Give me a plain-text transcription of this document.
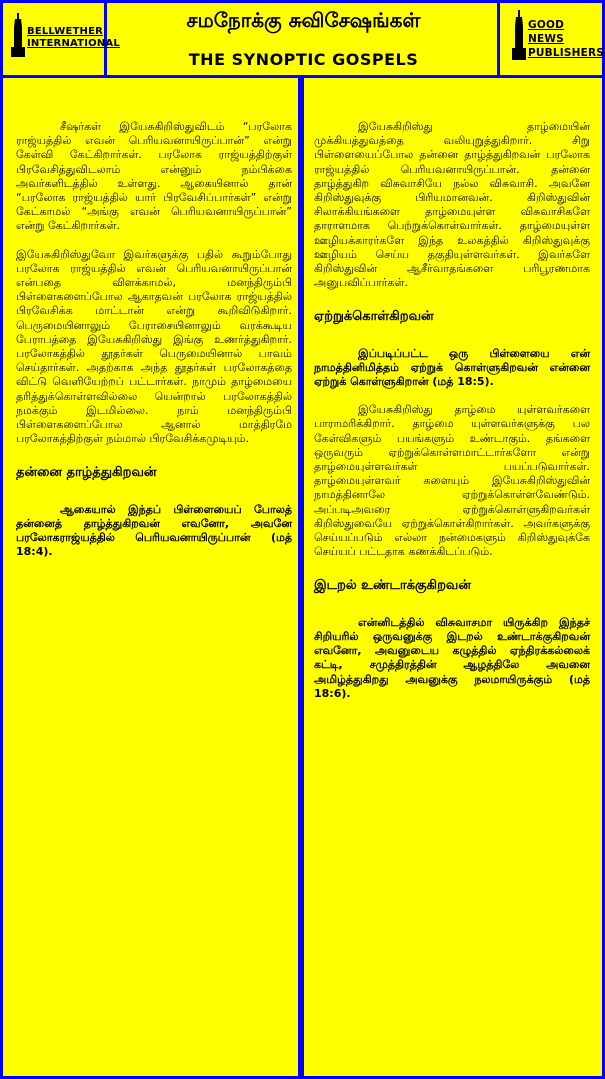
BELLWETHER
INTERNATIONAL
சமநோக்கு சுவிசேஷங்கள்
THE SYNOPTIC GOSPELS
GOOD NEWS
PUBLISHERS

சீஷர்கள் இயேசுகிறிஸ்துவிடம் “பரலோக ராஜ்யத்தில் எவன் பெரியவனாயிருப்பான்” என்று கேள்வி கேட்கிறார்கள். பரலோக ராஜ்யத்திற்குள் பிரவேசித்துவிடலாம் என்னும் நம்பிக்கை அவர்களிடத்தில் உள்ளது. ஆகையினால் தான் “பரலோக ராஜ்யத்தில் யார் பிரவேசிப்பார்கள்” என்று கேட்காமல் “அங்கு எவன் பெரியவனாயிருப்பான்” என்று கேட்கிறார்கள்.

இயேசுகிறிஸ்துவோ இவர்களுக்கு பதில் கூறும்போது பரலோக ராஜ்யத்தில் எவன் பெரியவனாயிருப்பான் என்பதை விளக்காமல், மனந்திரும்பி பிள்ளைகளைப்போல ஆகாதவன் பரலோக ராஜ்யத்தில் பிரவேசிக்க மாட்டான் என்று கூறிவிடுகிறார். பெருமையினாலும் பேராசையினாலும் வரக்கூடிய பேராபத்தை இயேசுகிறிஸ்து இங்கு உணர்த்துகிறார். பரலோகத்தில் தூதர்கள் பெருமையினால் பாவம் செய்தார்கள். அதற்காக அந்த தூதர்கள் பரலோகத்தை விட்டு வெளியேற்றப் பட்டார்கள். நாமும் தாழ்மையை தரித்துக்கொள்ளவில்லை யென்றால் பரலோகத்தில் நமக்கும் இடமில்லை. நாம் மனந்திரும்பி பிள்ளைகளைப்போல ஆனால் மாத்திரமே பரலோகத்திற்குள் நம்மால் பிரவேசிக்கமுடியும்.

தன்னை தாழ்த்துகிறவன்

ஆகையால் இந்தப் பிள்ளையைப் போலத் தன்னைத் தாழ்த்துகிறவன் எவனோ, அவனே பரலோகராஜ்யத்தில் பெரியவனாயிருப்பான் (மத் 18:4).

இயேசுகிறிஸ்து தாழ்மையின் முக்கியத்துவத்தை வலியுறுத்துகிறார். சிறு பிள்ளையைப்போல தன்னை தாழ்த்துகிறவன் பரலோக ராஜ்யத்தில் பெரியவனாயிருப்பான். தன்னை தாழ்த்துகிற விசுவாசியே நல்ல விசுவாசி. அவனே கிறிஸ்துவுக்கு பிரியமானவன். கிறிஸ்துவின் சிலாக்கியங்களை தாழ்மையுள்ள விசுவாசிகளே தாராளமாக பெற்றுக்கொள்வார்கள். தாழ்மையுள்ள ஊழியக்காரர்களே இந்த உலகத்தில் கிறிஸ்துவுக்கு ஊழியம் செய்ய தகுதியுள்ளவர்கள். இவர்களே கிறிஸ்துவின் ஆசீர்வாதங்களை பரிபூரணமாக அனுபவிப்பார்கள்.

ஏற்றுக்கொள்கிறவன்

இப்படிப்பட்ட ஒரு பிள்ளையை என் நாமத்தினிமித்தம் ஏற்றுக் கொள்ளுகிறவன் என்னை ஏற்றுக் கொள்ளுகிறான் (மத் 18:5).

இயேசுகிறிஸ்து தாழ்மை யுள்ளவர்களை பாராமரிக்கிறார். தாழ்மை யுள்ளவர்களுக்கு பல கேள்விகளும் பயங்களும் உண்டாகும். தங்களை ஒருவரும் ஏற்றுக்கொள்ளமாட்டார்களோ என்று தாழ்மையுள்ளவர்கள் பயப்படுவார்கள். தாழ்மையுள்ளவர் களையும் இயேசுகிறிஸ்துவின் நாமத்தினாலே ஏற்றுக்கொள்ளவேண்டும். அப்படிஅவரை ஏற்றுக்கொள்ளுகிறவர்கள் கிறிஸ்துவையே ஏற்றுக்கொள்கிறார்கள். அவர்களுக்கு செய்யப்படும் எல்லா நன்மைகளும் கிறிஸ்துவுக்கே செய்யப் பட்டதாக கணக்கிடப்படும்.

இடறல் உண்டாக்குகிறவன்

என்னிடத்தில் விசுவாசமா யிருக்கிற இந்தச் சிறியரில் ஒருவனுக்கு இடறல் உண்டாக்குகிறவன் எவனோ, அவனுடைய கழுத்தில் ஏந்திரக்கல்லைக் கட்டி, சமுத்திரத்தின் ஆழத்திலே அவனை அமிழ்த்துகிறது அவனுக்கு நலமாயிருக்கும் (மத் 18:6).
